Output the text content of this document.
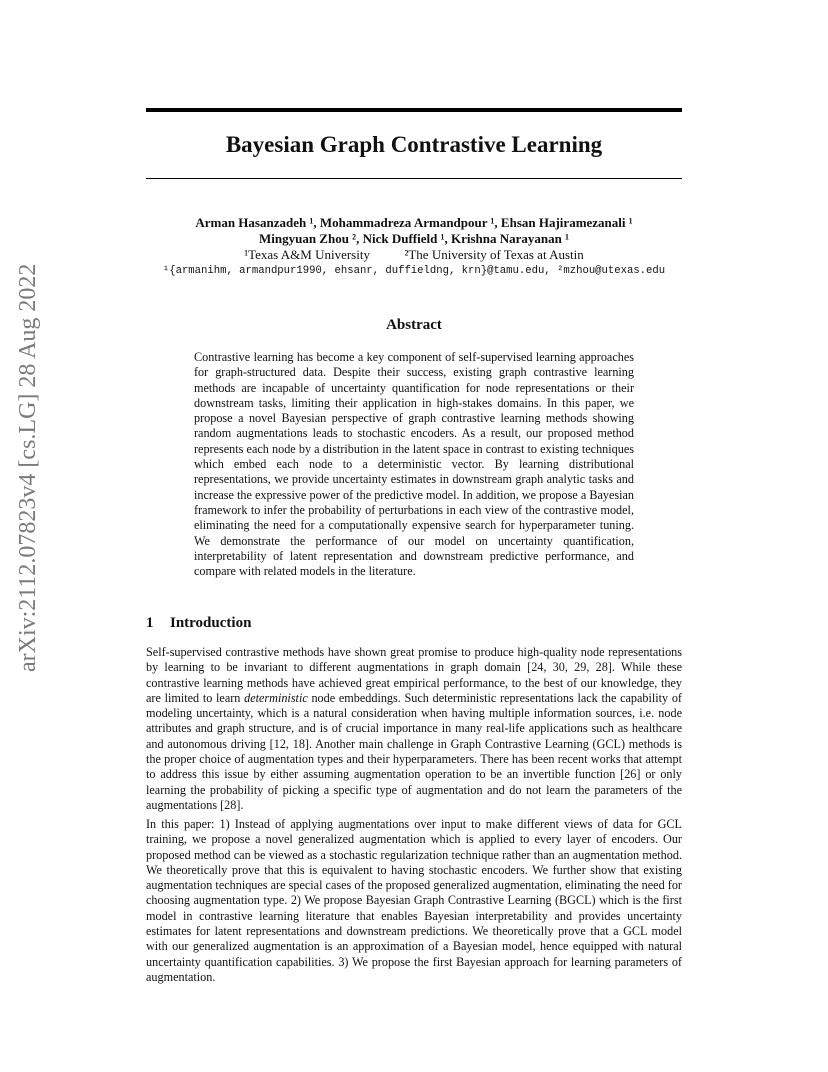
arXiv:2112.07823v4 [cs.LG] 28 Aug 2022
Bayesian Graph Contrastive Learning
Arman Hasanzadeh ¹, Mohammadreza Armandpour ¹, Ehsan Hajiramezanali ¹
Mingyuan Zhou ², Nick Duffield ¹, Krishna Narayanan ¹
¹Texas A&M University	²The University of Texas at Austin
¹{armanihm, armandpur1990, ehsanr, duffieldng, krn}@tamu.edu, ²mzhou@utexas.edu
Abstract

Contrastive learning has become a key component of self-supervised learning approaches for graph-structured data. Despite their success, existing graph contrastive learning methods are incapable of uncertainty quantification for node representations or their downstream tasks, limiting their application in high-stakes domains. In this paper, we propose a novel Bayesian perspective of graph contrastive learning methods showing random augmentations leads to stochastic encoders. As a result, our proposed method represents each node by a distribution in the latent space in contrast to existing techniques which embed each node to a deterministic vector. By learning distributional representations, we provide uncertainty estimates in downstream graph analytic tasks and increase the expressive power of the predictive model. In addition, we propose a Bayesian framework to infer the probability of perturbations in each view of the contrastive model, eliminating the need for a computationally expensive search for hyperparameter tuning. We demonstrate the performance of our model on uncertainty quantification, interpretability of latent representation and downstream predictive performance, and compare with related models in the literature.

1 Introduction

Self-supervised contrastive methods have shown great promise to produce high-quality node representations by learning to be invariant to different augmentations in graph domain [24, 30, 29, 28]. While these contrastive learning methods have achieved great empirical performance, to the best of our knowledge, they are limited to learn deterministic node embeddings. Such deterministic representations lack the capability of modeling uncertainty, which is a natural consideration when having multiple information sources, i.e. node attributes and graph structure, and is of crucial importance in many real-life applications such as healthcare and autonomous driving [12, 18]. Another main challenge in Graph Contrastive Learning (GCL) methods is the proper choice of augmentation types and their hyperparameters. There has been recent works that attempt to address this issue by either assuming augmentation operation to be an invertible function [26] or only learning the probability of picking a specific type of augmentation and do not learn the parameters of the augmentations [28].

In this paper: 1) Instead of applying augmentations over input to make different views of data for GCL training, we propose a novel generalized augmentation which is applied to every layer of encoders. Our proposed method can be viewed as a stochastic regularization technique rather than an augmentation method. We theoretically prove that this is equivalent to having stochastic encoders. We further show that existing augmentation techniques are special cases of the proposed generalized augmentation, eliminating the need for choosing augmentation type. 2) We propose Bayesian Graph Contrastive Learning (BGCL) which is the first model in contrastive learning literature that enables Bayesian interpretability and provides uncertainty estimates for latent representations and downstream predictions. We theoretically prove that a GCL model with our generalized augmentation is an approximation of a Bayesian model, hence equipped with natural uncertainty quantification capabilities. 3) We propose the first Bayesian approach for learning parameters of augmentation.
